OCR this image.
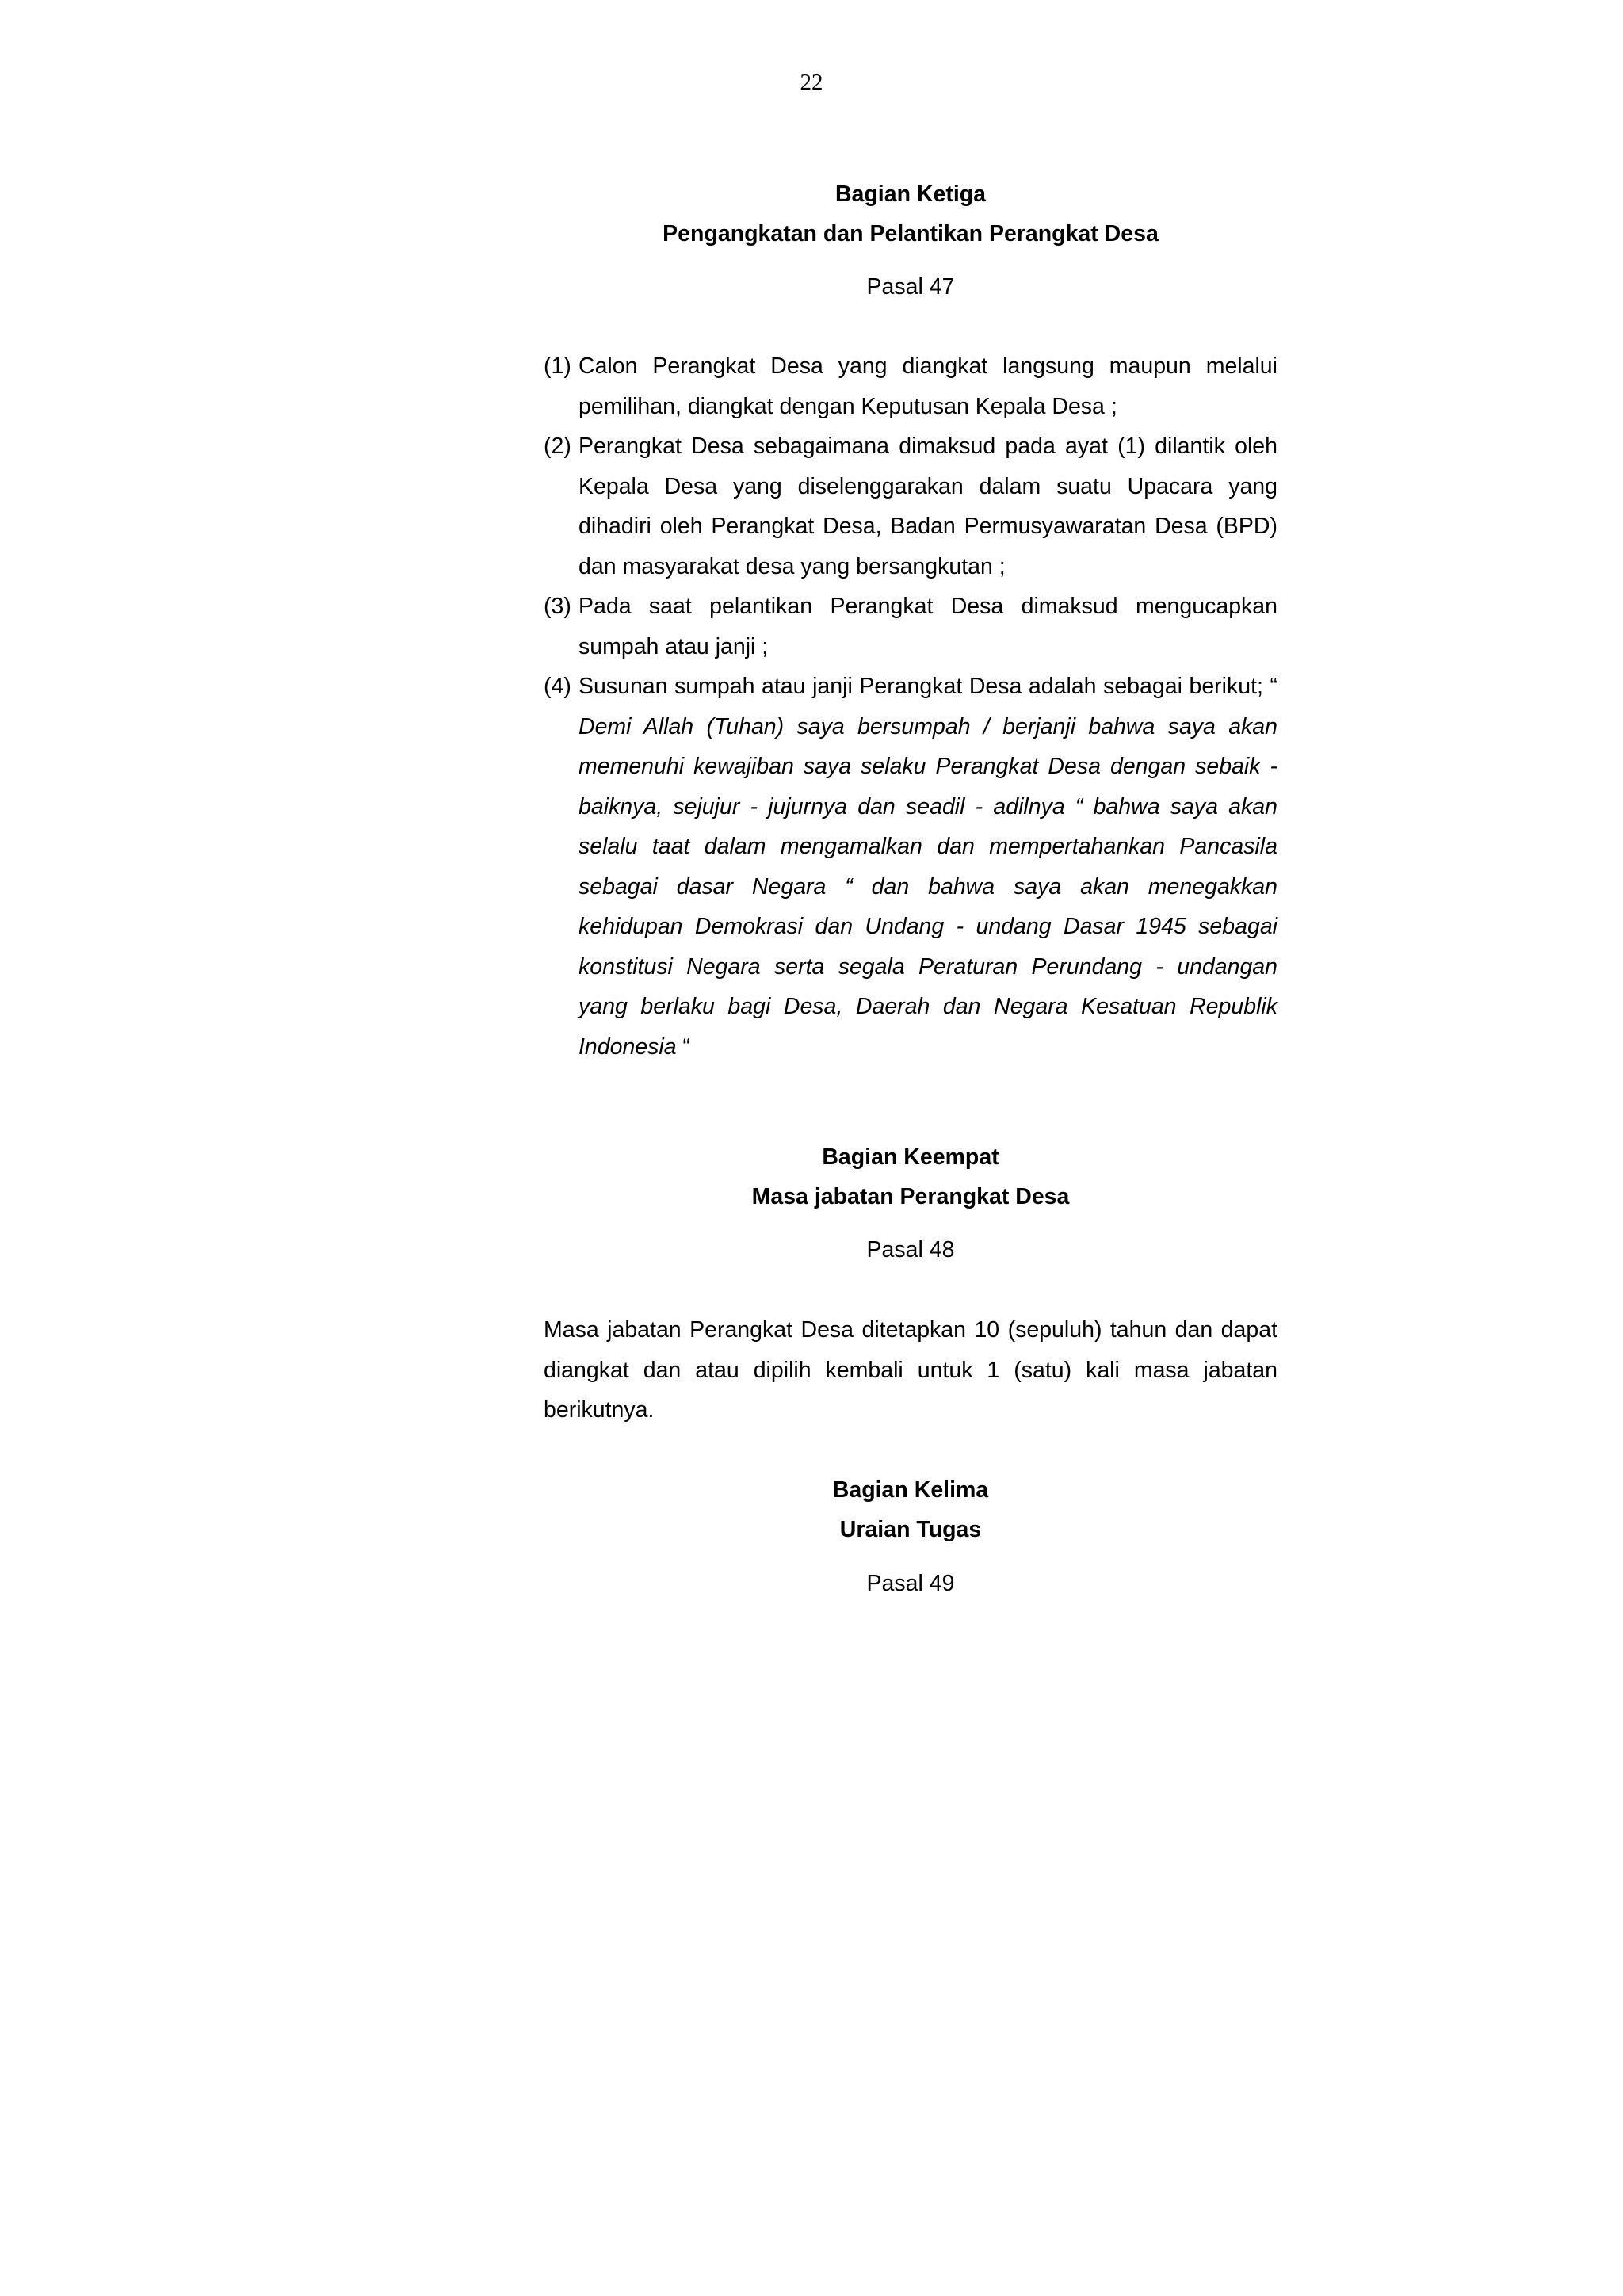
22
Bagian Ketiga
Pengangkatan dan Pelantikan Perangkat Desa
Pasal 47
(1) Calon Perangkat Desa yang diangkat langsung maupun melalui pemilihan, diangkat dengan Keputusan Kepala Desa ;
(2) Perangkat Desa sebagaimana dimaksud pada ayat (1) dilantik oleh Kepala Desa yang diselenggarakan dalam suatu Upacara yang dihadiri oleh Perangkat Desa, Badan Permusyawaratan Desa (BPD) dan masyarakat desa yang bersangkutan ;
(3) Pada saat pelantikan Perangkat Desa dimaksud mengucapkan sumpah atau janji ;
(4) Susunan sumpah atau janji Perangkat Desa adalah sebagai berikut; “ Demi Allah (Tuhan) saya bersumpah / berjanji bahwa saya akan memenuhi kewajiban saya selaku Perangkat Desa dengan sebaik - baiknya, sejujur - jujurnya dan seadil - adilnya “ bahwa saya akan selalu taat dalam mengamalkan dan mempertahankan Pancasila sebagai dasar Negara “ dan bahwa saya akan menegakkan kehidupan Demokrasi dan Undang - undang Dasar 1945 sebagai konstitusi Negara serta segala Peraturan Perundang - undangan yang berlaku bagi Desa, Daerah dan Negara Kesatuan Republik Indonesia “
Bagian Keempat
Masa jabatan Perangkat Desa
Pasal 48
Masa jabatan Perangkat Desa ditetapkan 10 (sepuluh) tahun dan dapat diangkat dan atau dipilih kembali untuk 1 (satu) kali masa jabatan berikutnya.
Bagian Kelima
Uraian Tugas
Pasal 49
